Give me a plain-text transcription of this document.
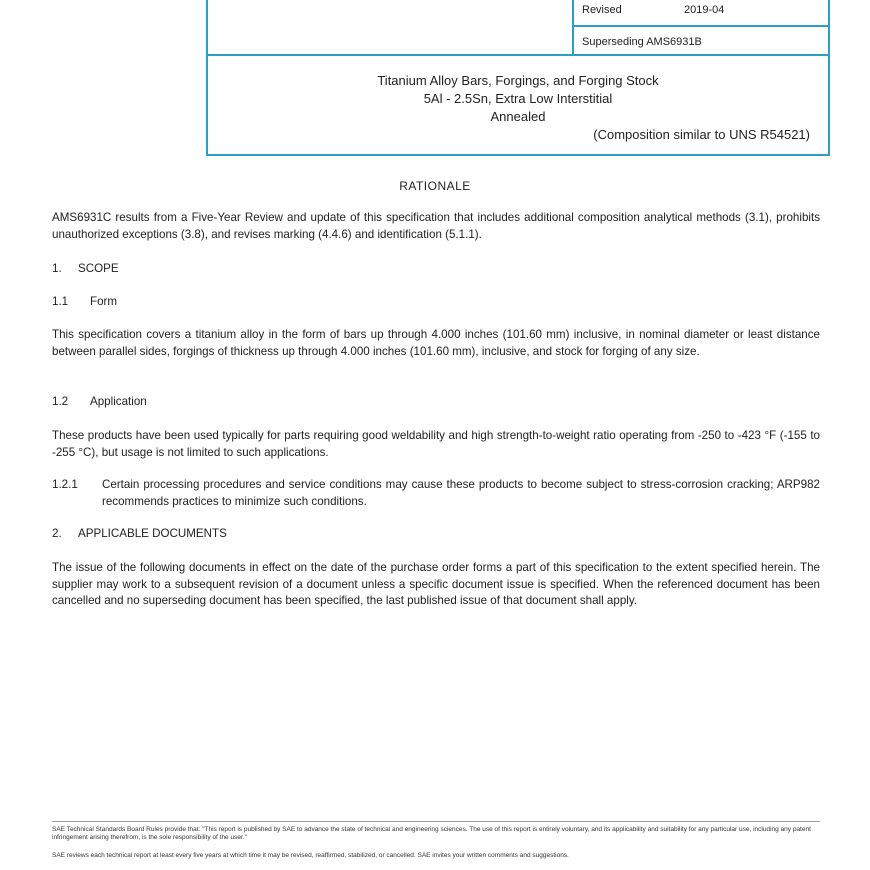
Revised	2019-04
Superseding AMS6931B
Titanium Alloy Bars, Forgings, and Forging Stock
5Al - 2.5Sn, Extra Low Interstitial
Annealed
(Composition similar to UNS R54521)
RATIONALE
AMS6931C results from a Five-Year Review and update of this specification that includes additional composition analytical methods (3.1), prohibits unauthorized exceptions (3.8), and revises marking (4.4.6) and identification (5.1.1).
1. SCOPE
1.1 Form
This specification covers a titanium alloy in the form of bars up through 4.000 inches (101.60 mm) inclusive, in nominal diameter or least distance between parallel sides, forgings of thickness up through 4.000 inches (101.60 mm), inclusive, and stock for forging of any size.
1.2 Application
These products have been used typically for parts requiring good weldability and high strength-to-weight ratio operating from -250 to -423 °F (-155 to -255 °C), but usage is not limited to such applications.
1.2.1 Certain processing procedures and service conditions may cause these products to become subject to stress-corrosion cracking; ARP982 recommends practices to minimize such conditions.
2. APPLICABLE DOCUMENTS
The issue of the following documents in effect on the date of the purchase order forms a part of this specification to the extent specified herein. The supplier may work to a subsequent revision of a document unless a specific document issue is specified. When the referenced document has been cancelled and no superseding document has been specified, the last published issue of that document shall apply.
SAE Technical Standards Board Rules provide that: "This report is published by SAE to advance the state of technical and engineering sciences. The use of this report is entirely voluntary, and its applicability and suitability for any particular use, including any patent infringement arising therefrom, is the sole responsibility of the user."
SAE reviews each technical report at least every five years at which time it may be revised, reaffirmed, stabilized, or cancelled. SAE invites your written comments and suggestions.
